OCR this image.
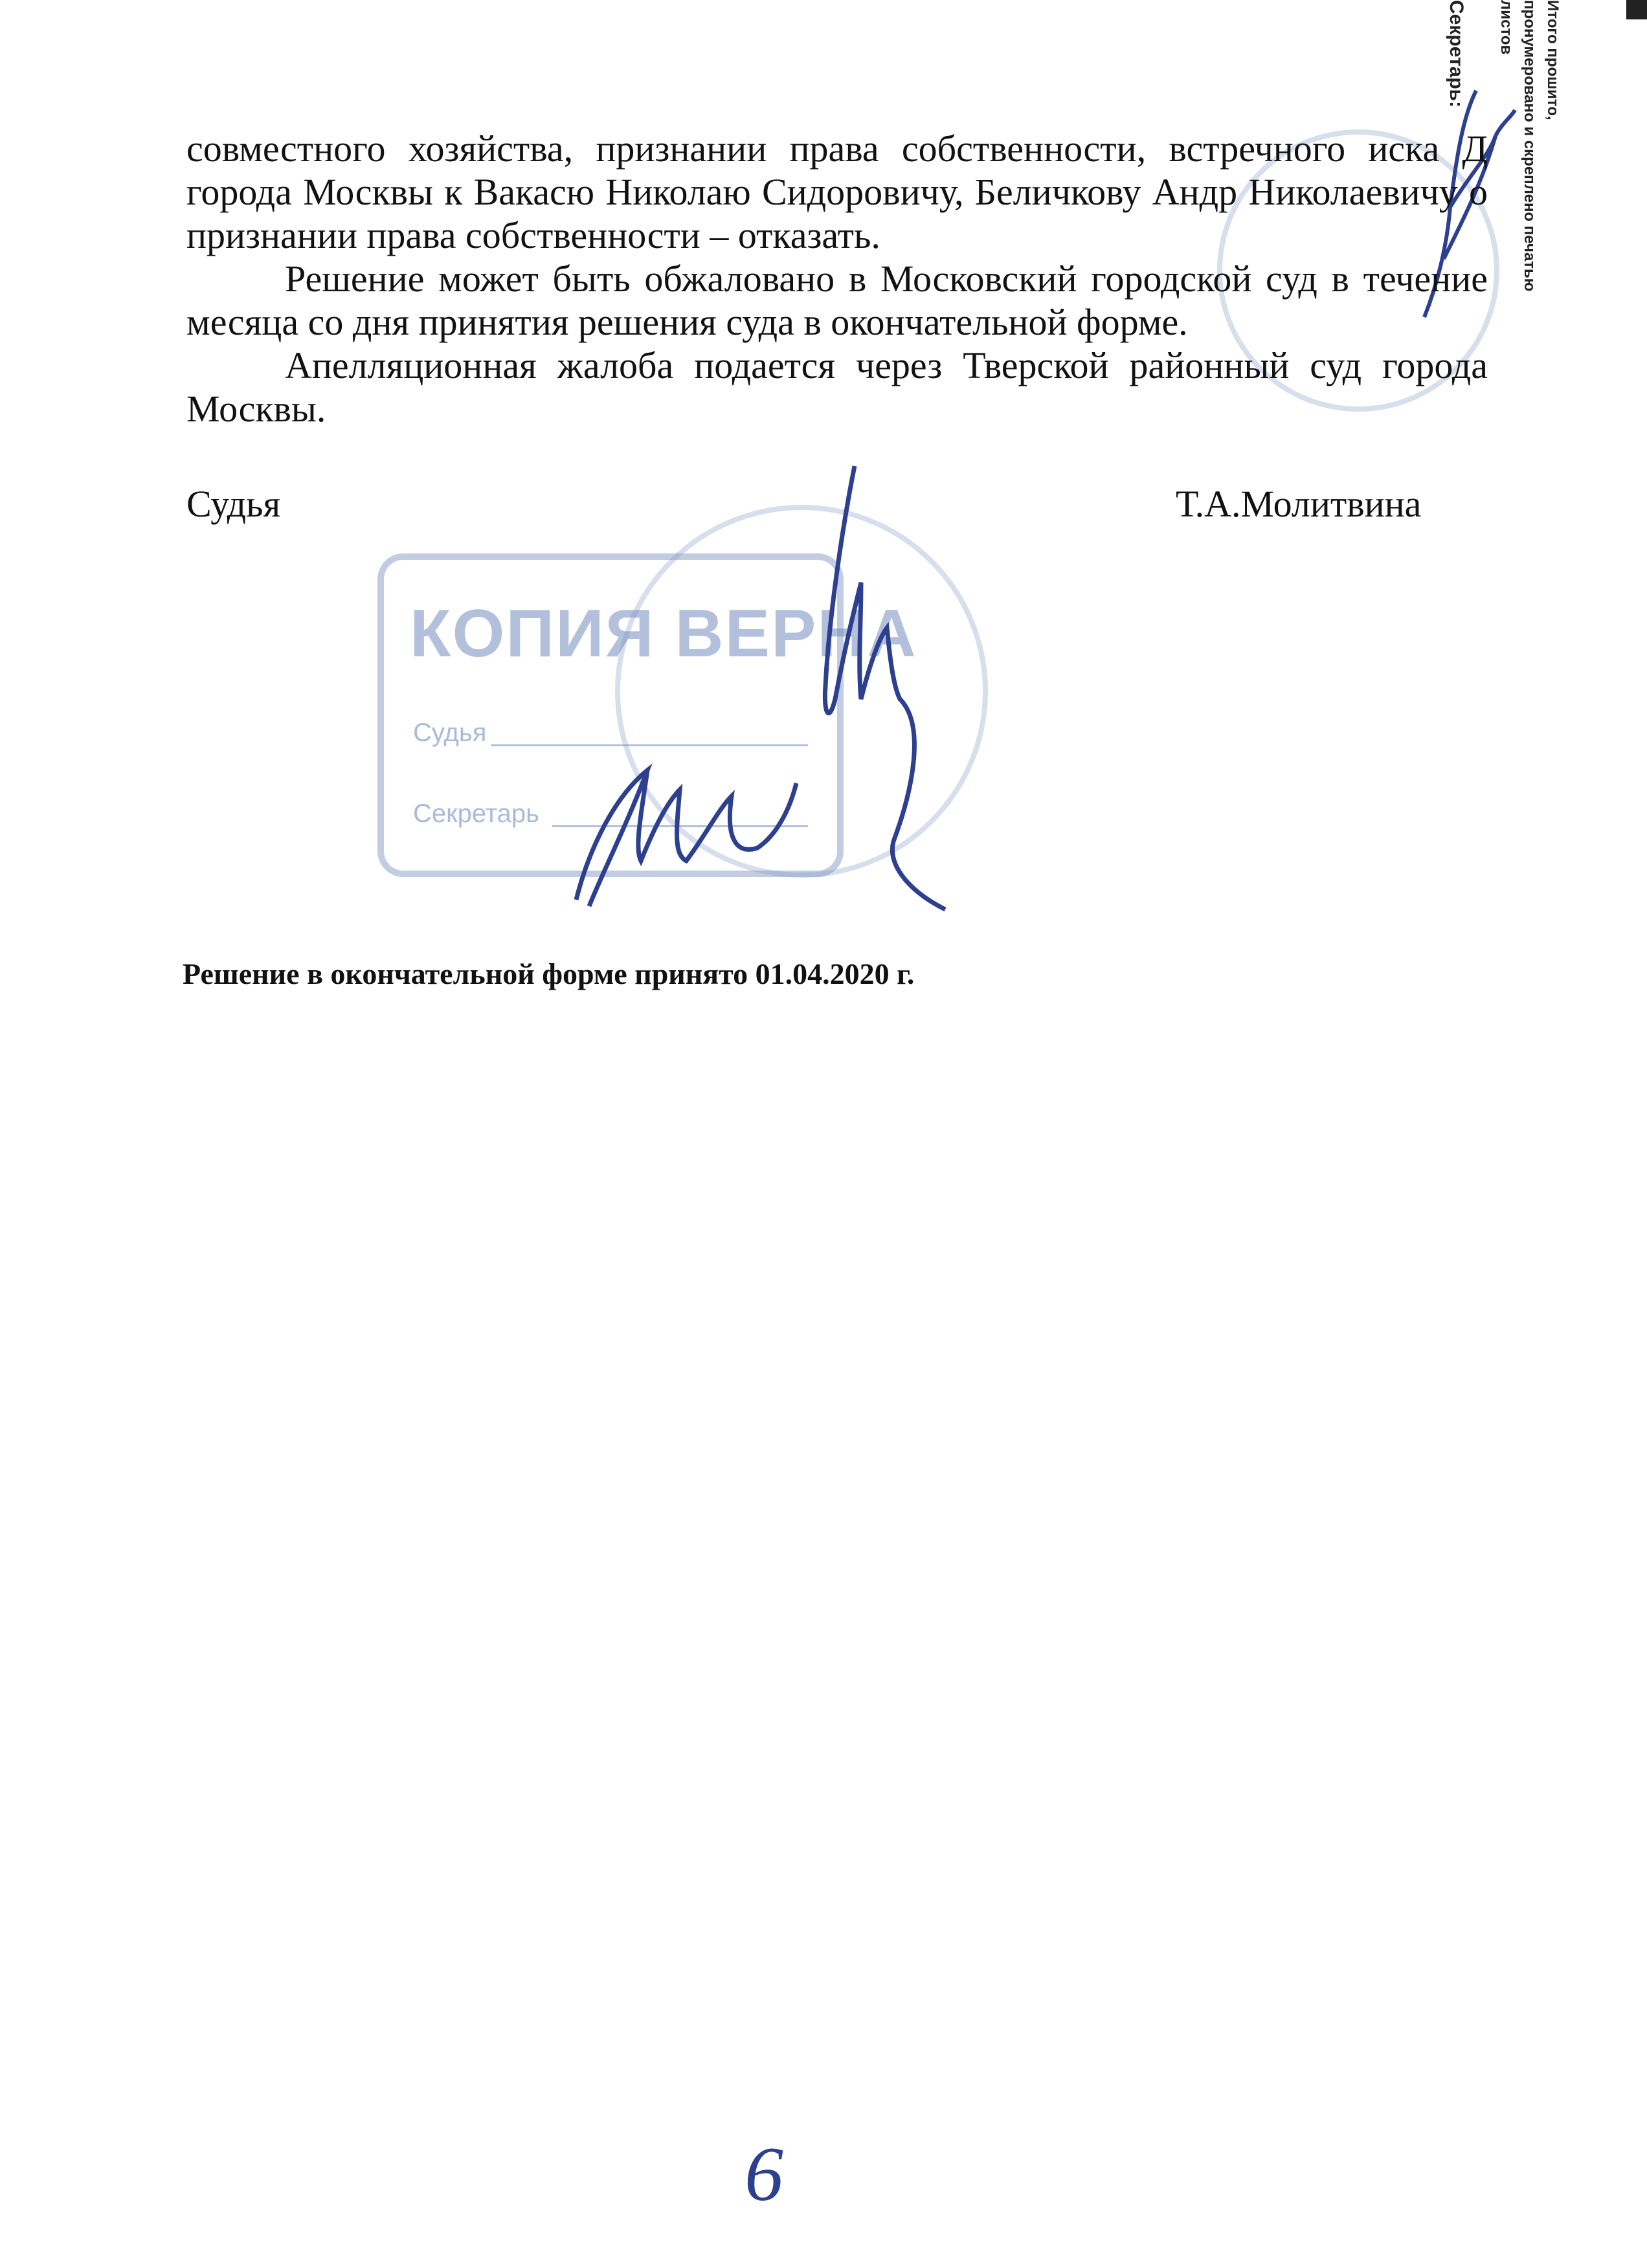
Итого прошито,
пронумеровано и скреплено печатью
листов
Секретарь:

совместного хозяйства, признании права собственности, встречного иска Д города Москвы к Вакасю Николаю Сидоровичу, Беличкову Андр Николаевичу о признании права собственности – отказать.

Решение может быть обжаловано в Московский городской суд в течение месяца со дня принятия решения суда в окончательной форме.

Апелляционная жалоба подается через Тверской районный суд города Москвы.

Судья	Т.А.Молитвина
КОПИЯ ВЕРНА
Судья
Секретарь
Решение в окончательной форме принято 01.04.2020 г.
6
